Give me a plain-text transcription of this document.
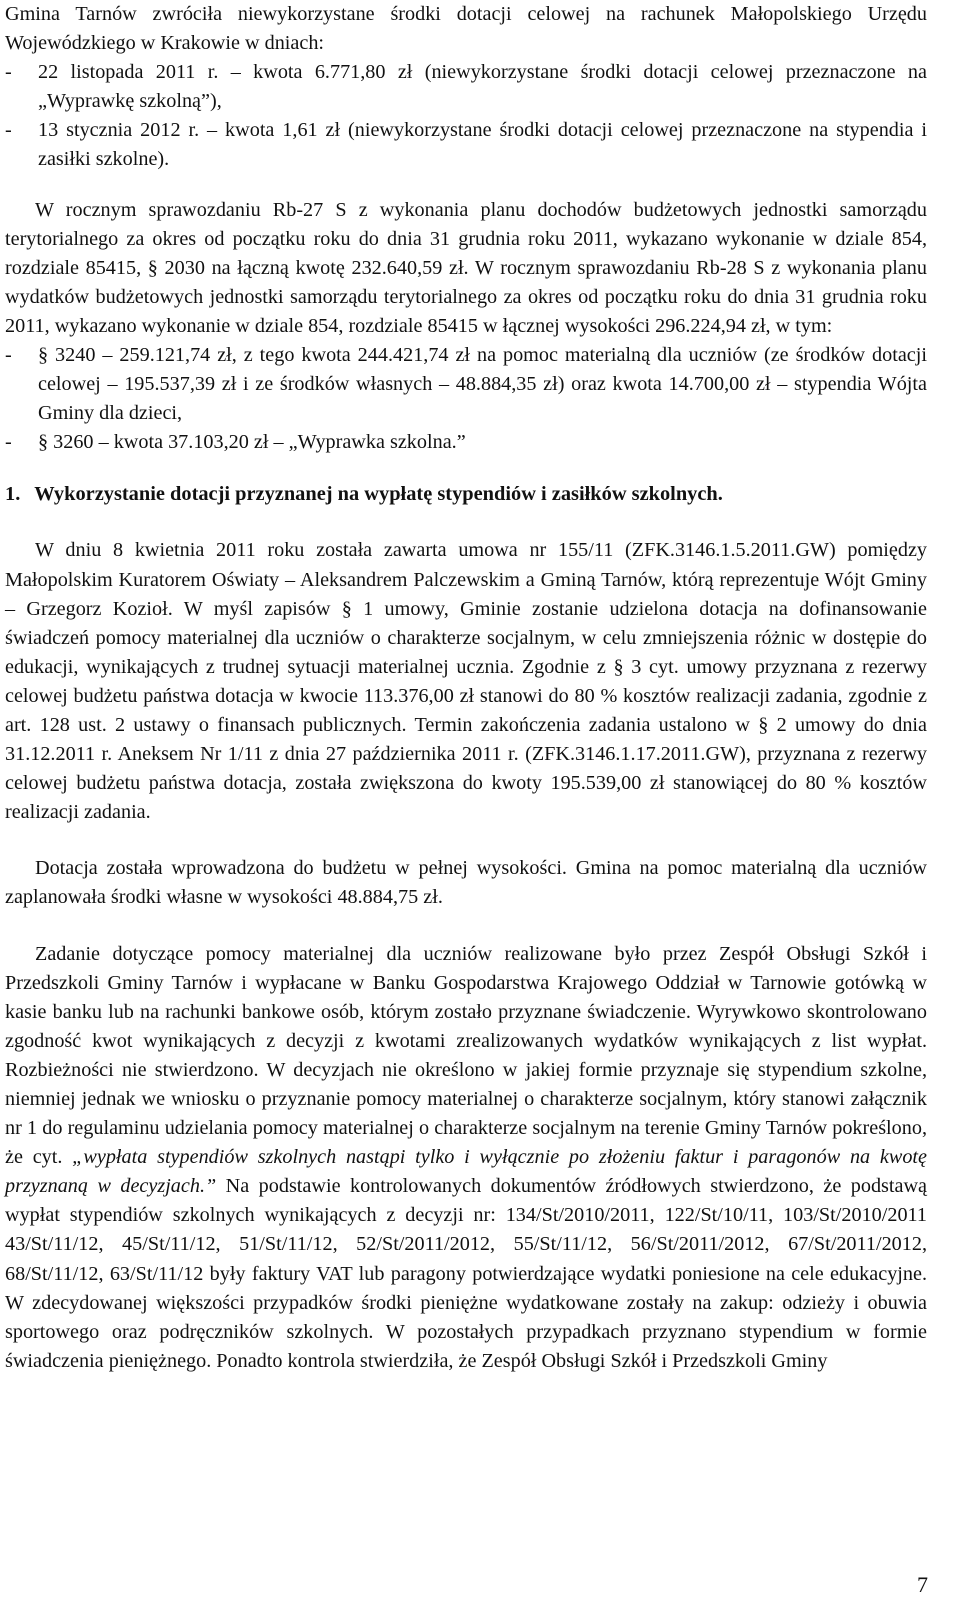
Gmina Tarnów zwróciła niewykorzystane środki dotacji celowej na rachunek Małopolskiego Urzędu Wojewódzkiego w Krakowie w dniach:

- 22 listopada 2011 r. – kwota 6.771,80 zł (niewykorzystane środki dotacji celowej przeznaczone na „Wyprawkę szkolną”),
- 13 stycznia 2012 r. – kwota 1,61 zł (niewykorzystane środki dotacji celowej przeznaczone na stypendia i zasiłki szkolne).

W rocznym sprawozdaniu Rb-27 S z wykonania planu dochodów budżetowych jednostki samorządu terytorialnego za okres od początku roku do dnia 31 grudnia roku 2011, wykazano wykonanie w dziale 854, rozdziale 85415, § 2030 na łączną kwotę 232.640,59 zł. W rocznym sprawozdaniu Rb-28 S z wykonania planu wydatków budżetowych jednostki samorządu terytorialnego za okres od początku roku do dnia 31 grudnia roku 2011, wykazano wykonanie w dziale 854, rozdziale 85415 w łącznej wysokości 296.224,94 zł, w tym:

- § 3240 – 259.121,74 zł, z tego kwota 244.421,74 zł na pomoc materialną dla uczniów (ze środków dotacji celowej – 195.537,39 zł i ze środków własnych – 48.884,35 zł) oraz kwota 14.700,00 zł – stypendia Wójta Gminy dla dzieci,
- § 3260 – kwota 37.103,20 zł – „Wyprawka szkolna.”

1. Wykorzystanie dotacji przyznanej na wypłatę stypendiów i zasiłków szkolnych.

W dniu 8 kwietnia 2011 roku została zawarta umowa nr 155/11 (ZFK.3146.1.5.2011.GW) pomiędzy Małopolskim Kuratorem Oświaty – Aleksandrem Palczewskim a Gminą Tarnów, którą reprezentuje Wójt Gminy – Grzegorz Kozioł. W myśl zapisów § 1 umowy, Gminie zostanie udzielona dotacja na dofinansowanie świadczeń pomocy materialnej dla uczniów o charakterze socjalnym, w celu zmniejszenia różnic w dostępie do edukacji, wynikających z trudnej sytuacji materialnej ucznia. Zgodnie z § 3 cyt. umowy przyznana z rezerwy celowej budżetu państwa dotacja w kwocie 113.376,00 zł stanowi do 80 % kosztów realizacji zadania, zgodnie z art. 128 ust. 2 ustawy o finansach publicznych. Termin zakończenia zadania ustalono w § 2 umowy do dnia 31.12.2011 r. Aneksem Nr 1/11 z dnia 27 października 2011 r. (ZFK.3146.1.17.2011.GW), przyznana z rezerwy celowej budżetu państwa dotacja, została zwiększona do kwoty 195.539,00 zł stanowiącej do 80 % kosztów realizacji zadania.

Dotacja została wprowadzona do budżetu w pełnej wysokości. Gmina na pomoc materialną dla uczniów zaplanowała środki własne w wysokości 48.884,75 zł.

Zadanie dotyczące pomocy materialnej dla uczniów realizowane było przez Zespół Obsługi Szkół i Przedszkoli Gminy Tarnów i wypłacane w Banku Gospodarstwa Krajowego Oddział w Tarnowie gotówką w kasie banku lub na rachunki bankowe osób, którym zostało przyznane świadczenie. Wyrywkowo skontrolowano zgodność kwot wynikających z decyzji z kwotami zrealizowanych wydatków wynikających z list wypłat. Rozbieżności nie stwierdzono. W decyzjach nie określono w jakiej formie przyznaje się stypendium szkolne, niemniej jednak we wniosku o przyznanie pomocy materialnej o charakterze socjalnym, który stanowi załącznik nr 1 do regulaminu udzielania pomocy materialnej o charakterze socjalnym na terenie Gminy Tarnów pokreślono, że cyt. „wypłata stypendiów szkolnych nastąpi tylko i wyłącznie po złożeniu faktur i paragonów na kwotę przyznaną w decyzjach.” Na podstawie kontrolowanych dokumentów źródłowych stwierdzono, że podstawą wypłat stypendiów szkolnych wynikających z decyzji nr: 134/St/2010/2011, 122/St/10/11, 103/St/2010/2011 43/St/11/12, 45/St/11/12, 51/St/11/12, 52/St/2011/2012, 55/St/11/12, 56/St/2011/2012, 67/St/2011/2012, 68/St/11/12, 63/St/11/12 były faktury VAT lub paragony potwierdzające wydatki poniesione na cele edukacyjne. W zdecydowanej większości przypadków środki pieniężne wydatkowane zostały na zakup: odzieży i obuwia sportowego oraz podręczników szkolnych. W pozostałych przypadkach przyznano stypendium w formie świadczenia pieniężnego. Ponadto kontrola stwierdziła, że Zespół Obsługi Szkół i Przedszkoli Gminy

7
